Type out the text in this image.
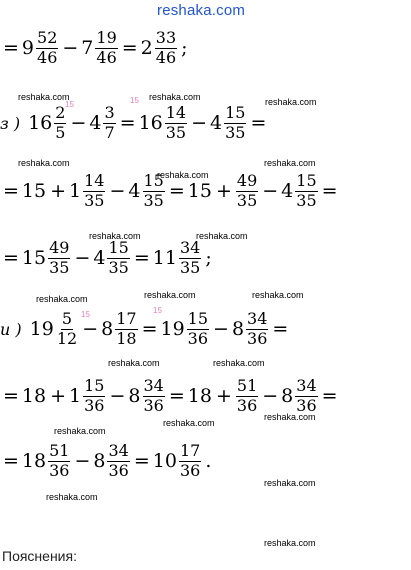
reshaka.com
= $9 \frac{52}{46} - 7 \frac{19}{46} = 2 \frac{33}{46}$ ;
з ) $16 \frac{2}{5} - 4 \frac{3}{7} = 16 \frac{14}{35} - 4 \frac{15}{35}$ =
= $15 + 1 \frac{14}{35} - 4 \frac{15}{35} = 15 + \frac{49}{35} - 4 \frac{15}{35}$ =
= $15 \frac{49}{35} - 4 \frac{15}{35} = 11 \frac{34}{35}$ ;
и ) $19 \frac{5}{12} - 8 \frac{17}{18} = 19 \frac{15}{36} - 8 \frac{34}{36}$ =
= $18 + 1 \frac{15}{36} - 8 \frac{34}{36} = 18 + \frac{51}{36} - 8 \frac{34}{36}$ =
= $18 \frac{51}{36} - 8 \frac{34}{36} = 10 \frac{17}{36}$ .
reshaka.com	reshaka.com	reshaka.com
reshaka.com	reshaka.com
reshaka.com
reshaka.com	reshaka.com
reshaka.com	reshaka.com	reshaka.com
reshaka.com	reshaka.com
reshaka.com
reshaka.com
reshaka.com
reshaka.com
reshaka.com
reshaka.com
15	15
15	15
Пояснения:
